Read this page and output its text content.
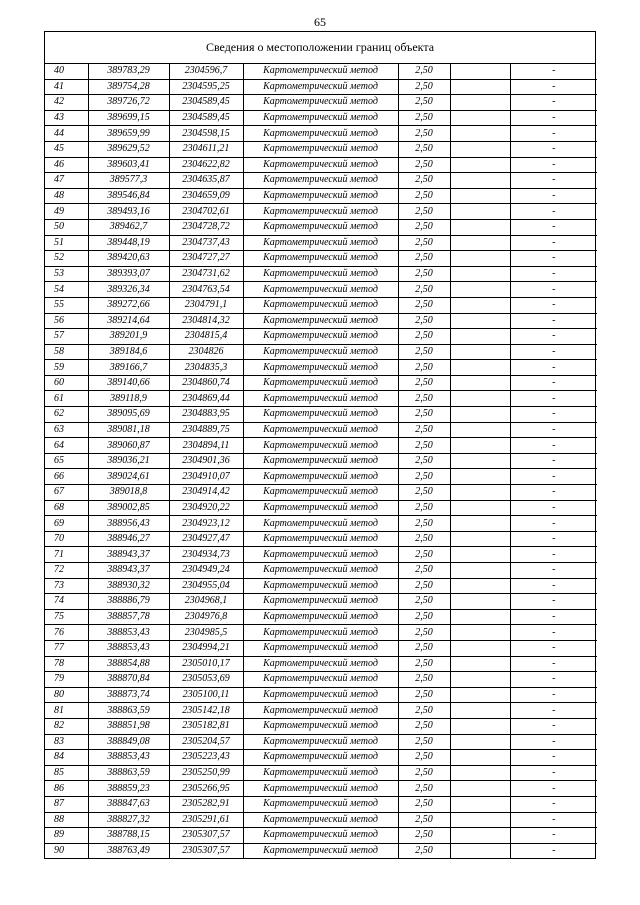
65
Сведения о местоположении границ объекта
40	389783,29	2304596,7	Картометрический метод	2,50		-
41	389754,28	2304595,25	Картометрический метод	2,50		-
42	389726,72	2304589,45	Картометрический метод	2,50		-
43	389699,15	2304589,45	Картометрический метод	2,50		-
44	389659,99	2304598,15	Картометрический метод	2,50		-
45	389629,52	2304611,21	Картометрический метод	2,50		-
46	389603,41	2304622,82	Картометрический метод	2,50		-
47	389577,3	2304635,87	Картометрический метод	2,50		-
48	389546,84	2304659,09	Картометрический метод	2,50		-
49	389493,16	2304702,61	Картометрический метод	2,50		-
50	389462,7	2304728,72	Картометрический метод	2,50		-
51	389448,19	2304737,43	Картометрический метод	2,50		-
52	389420,63	2304727,27	Картометрический метод	2,50		-
53	389393,07	2304731,62	Картометрический метод	2,50		-
54	389326,34	2304763,54	Картометрический метод	2,50		-
55	389272,66	2304791,1	Картометрический метод	2,50		-
56	389214,64	2304814,32	Картометрический метод	2,50		-
57	389201,9	2304815,4	Картометрический метод	2,50		-
58	389184,6	2304826	Картометрический метод	2,50		-
59	389166,7	2304835,3	Картометрический метод	2,50		-
60	389140,66	2304860,74	Картометрический метод	2,50		-
61	389118,9	2304869,44	Картометрический метод	2,50		-
62	389095,69	2304883,95	Картометрический метод	2,50		-
63	389081,18	2304889,75	Картометрический метод	2,50		-
64	389060,87	2304894,11	Картометрический метод	2,50		-
65	389036,21	2304901,36	Картометрический метод	2,50		-
66	389024,61	2304910,07	Картометрический метод	2,50		-
67	389018,8	2304914,42	Картометрический метод	2,50		-
68	389002,85	2304920,22	Картометрический метод	2,50		-
69	388956,43	2304923,12	Картометрический метод	2,50		-
70	388946,27	2304927,47	Картометрический метод	2,50		-
71	388943,37	2304934,73	Картометрический метод	2,50		-
72	388943,37	2304949,24	Картометрический метод	2,50		-
73	388930,32	2304955,04	Картометрический метод	2,50		-
74	388886,79	2304968,1	Картометрический метод	2,50		-
75	388857,78	2304976,8	Картометрический метод	2,50		-
76	388853,43	2304985,5	Картометрический метод	2,50		-
77	388853,43	2304994,21	Картометрический метод	2,50		-
78	388854,88	2305010,17	Картометрический метод	2,50		-
79	388870,84	2305053,69	Картометрический метод	2,50		-
80	388873,74	2305100,11	Картометрический метод	2,50		-
81	388863,59	2305142,18	Картометрический метод	2,50		-
82	388851,98	2305182,81	Картометрический метод	2,50		-
83	388849,08	2305204,57	Картометрический метод	2,50		-
84	388853,43	2305223,43	Картометрический метод	2,50		-
85	388863,59	2305250,99	Картометрический метод	2,50		-
86	388859,23	2305266,95	Картометрический метод	2,50		-
87	388847,63	2305282,91	Картометрический метод	2,50		-
88	388827,32	2305291,61	Картометрический метод	2,50		-
89	388788,15	2305307,57	Картометрический метод	2,50		-
90	388763,49	2305307,57	Картометрический метод	2,50		-
